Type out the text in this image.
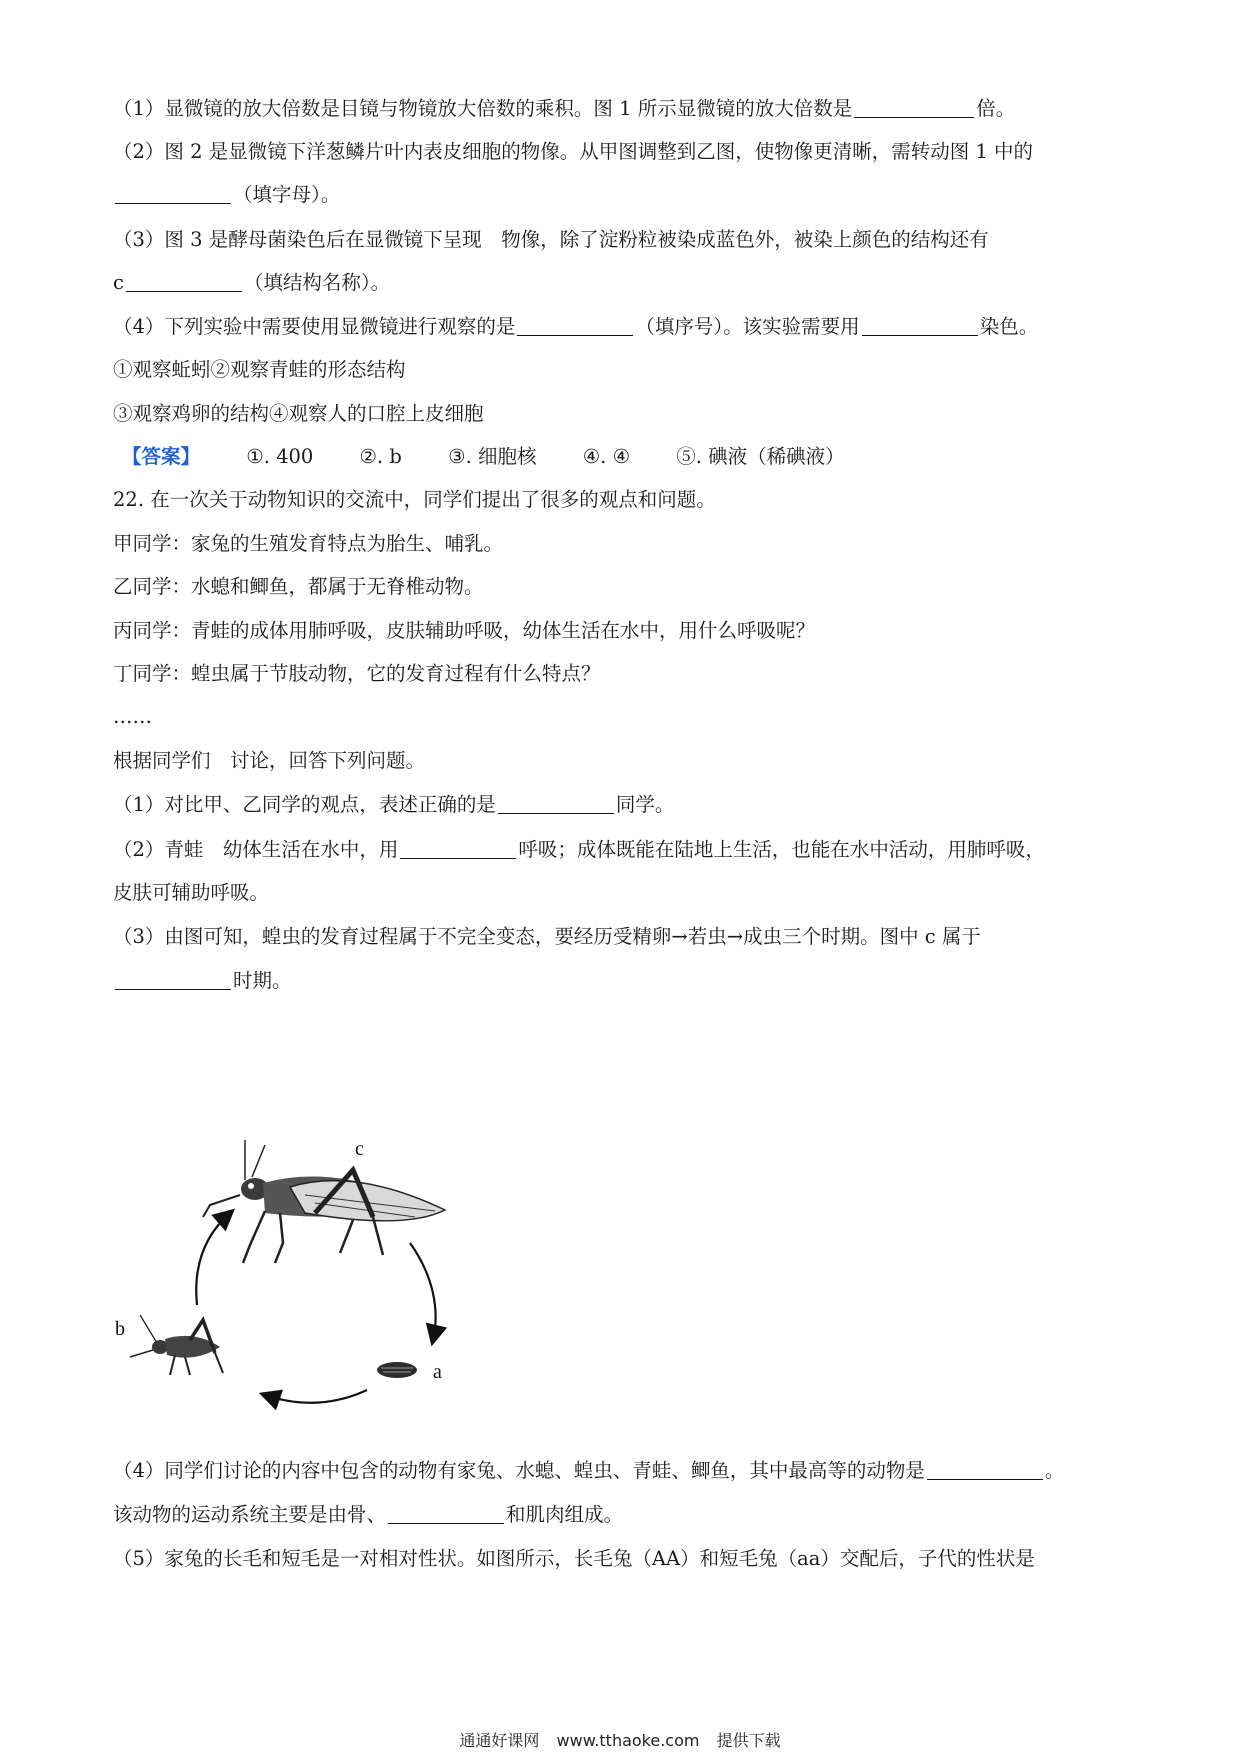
（1）显微镜的放大倍数是目镜与物镜放大倍数的乘积。图 1 所示显微镜的放大倍数是	倍。
（2）图 2 是显微镜下洋葱鳞片叶内表皮细胞的物像。从甲图调整到乙图，使物像更清晰，需转动图 1 中的
（填字母）。
（3）图 3 是酵母菌染色后在显微镜下呈现　物像，除了淀粉粒被染成蓝色外，被染上颜色的结构还有
c	（填结构名称）。
（4）下列实验中需要使用显微镜进行观察的是	（填序号）。该实验需要用	染色。
①观察蚯蚓②观察青蛙的形态结构
③观察鸡卵的结构④观察人的口腔上皮细胞
【答案】 ①. 400 ②. b ③. 细胞核 ④. ④ ⑤. 碘液（稀碘液）
22. 在一次关于动物知识的交流中，同学们提出了很多的观点和问题。
甲同学：家兔的生殖发育特点为胎生、哺乳。
乙同学：水螅和鲫鱼，都属于无脊椎动物。
丙同学：青蛙的成体用肺呼吸，皮肤辅助呼吸，幼体生活在水中，用什么呼吸呢？
丁同学：蝗虫属于节肢动物，它的发育过程有什么特点？
……
根据同学们　讨论，回答下列问题。
（1）对比甲、乙同学的观点，表述正确的是	同学。
（2）青蛙　幼体生活在水中，用	呼吸；成体既能在陆地上生活，也能在水中活动，用肺呼吸，
皮肤可辅助呼吸。
（3）由图可知，蝗虫的发育过程属于不完全变态，要经历受精卵→若虫→成虫三个时期。图中 c 属于
时期。
c
b
a
（4）同学们讨论的内容中包含的动物有家兔、水螅、蝗虫、青蛙、鲫鱼，其中最高等的动物是	。
该动物的运动系统主要是由骨、	和肌肉组成。
（5）家兔的长毛和短毛是一对相对性状。如图所示，长毛兔（AA）和短毛兔（aa）交配后，子代的性状是
通通好课网 www.tthaoke.com 提供下载
